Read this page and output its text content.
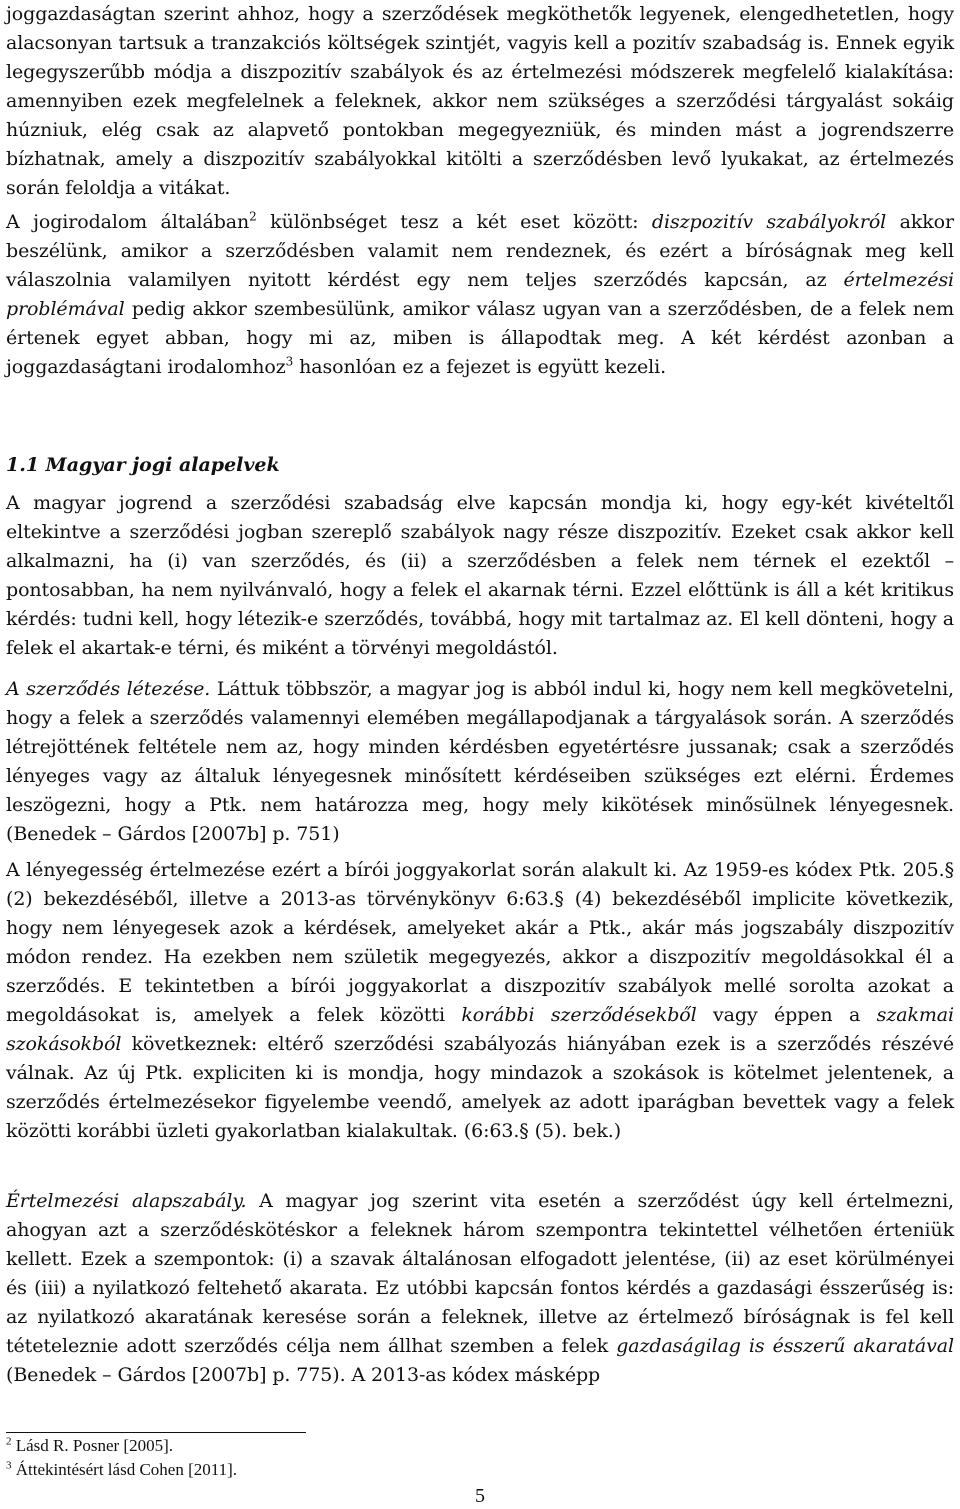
joggazdaságtan szerint ahhoz, hogy a szerződések megköthetők legyenek, elengedhetetlen, hogy alacsonyan tartsuk a tranzakciós költségek szintjét, vagyis kell a pozitív szabadság is. Ennek egyik legegyszerűbb módja a diszpozitív szabályok és az értelmezési módszerek megfelelő kialakítása: amennyiben ezek megfelelnek a feleknek, akkor nem szükséges a szerződési tárgyalást sokáig húzniuk, elég csak az alapvető pontokban megegyezniük, és minden mást a jogrendszerre bízhatnak, amely a diszpozitív szabályokkal kitölti a szerződésben levő lyukakat, az értelmezés során feloldja a vitákat.

A jogirodalom általában$^2$ különbséget tesz a két eset között: diszpozitív szabályokról akkor beszélünk, amikor a szerződésben valamit nem rendeznek, és ezért a bíróságnak meg kell válaszolnia valamilyen nyitott kérdést egy nem teljes szerződés kapcsán, az értelmezési problémával pedig akkor szembesülünk, amikor válasz ugyan van a szerződésben, de a felek nem értenek egyet abban, hogy mi az, miben is állapodtak meg. A két kérdést azonban a joggazdaságtani irodalomhoz$^3$ hasonlóan ez a fejezet is együtt kezeli.

1.1 Magyar jogi alapelvek

A magyar jogrend a szerződési szabadság elve kapcsán mondja ki, hogy egy-két kivételtől eltekintve a szerződési jogban szereplő szabályok nagy része diszpozitív. Ezeket csak akkor kell alkalmazni, ha (i) van szerződés, és (ii) a szerződésben a felek nem térnek el ezektől – pontosabban, ha nem nyilvánvaló, hogy a felek el akarnak térni. Ezzel előttünk is áll a két kritikus kérdés: tudni kell, hogy létezik-e szerződés, továbbá, hogy mit tartalmaz az. El kell dönteni, hogy a felek el akartak-e térni, és miként a törvényi megoldástól.

A szerződés létezése. Láttuk többször, a magyar jog is abból indul ki, hogy nem kell megkövetelni, hogy a felek a szerződés valamennyi elemében megállapodjanak a tárgyalások során. A szerződés létrejöttének feltétele nem az, hogy minden kérdésben egyetértésre jussanak; csak a szerződés lényeges vagy az általuk lényegesnek minősített kérdéseiben szükséges ezt elérni. Érdemes leszögezni, hogy a Ptk. nem határozza meg, hogy mely kikötések minősülnek lényegesnek. (Benedek – Gárdos [2007b] p. 751)

A lényegesség értelmezése ezért a bírói joggyakorlat során alakult ki. Az 1959-es kódex Ptk. 205.§ (2) bekezdéséből, illetve a 2013-as törvénykönyv 6:63.§ (4) bekezdéséből implicite következik, hogy nem lényegesek azok a kérdések, amelyeket akár a Ptk., akár más jogszabály diszpozitív módon rendez. Ha ezekben nem születik megegyezés, akkor a diszpozitív megoldásokkal él a szerződés. E tekintetben a bírói joggyakorlat a diszpozitív szabályok mellé sorolta azokat a megoldásokat is, amelyek a felek közötti korábbi szerződésekből vagy éppen a szakmai szokásokból következnek: eltérő szerződési szabályozás hiányában ezek is a szerződés részévé válnak. Az új Ptk. expliciten ki is mondja, hogy mindazok a szokások is kötelmet jelentenek, a szerződés értelmezésekor figyelembe veendő, amelyek az adott iparágban bevettek vagy a felek közötti korábbi üzleti gyakorlatban kialakultak. (6:63.§ (5). bek.)

Értelmezési alapszabály. A magyar jog szerint vita esetén a szerződést úgy kell értelmezni, ahogyan azt a szerződéskötéskor a feleknek három szempontra tekintettel vélhetően érteniük kellett. Ezek a szempontok: (i) a szavak általánosan elfogadott jelentése, (ii) az eset körülményei és (iii) a nyilatkozó feltehető akarata. Ez utóbbi kapcsán fontos kérdés a gazdasági ésszerűség is: az nyilatkozó akaratának keresése során a feleknek, illetve az értelmező bíróságnak is fel kell téteteleznie adott szerződés célja nem állhat szemben a felek gazdaságilag is ésszerű akaratával (Benedek – Gárdos [2007b] p. 775). A 2013-as kódex másképp

$^2$ Lásd R. Posner [2005].

$^3$ Áttekintésért lásd Cohen [2011].

5
